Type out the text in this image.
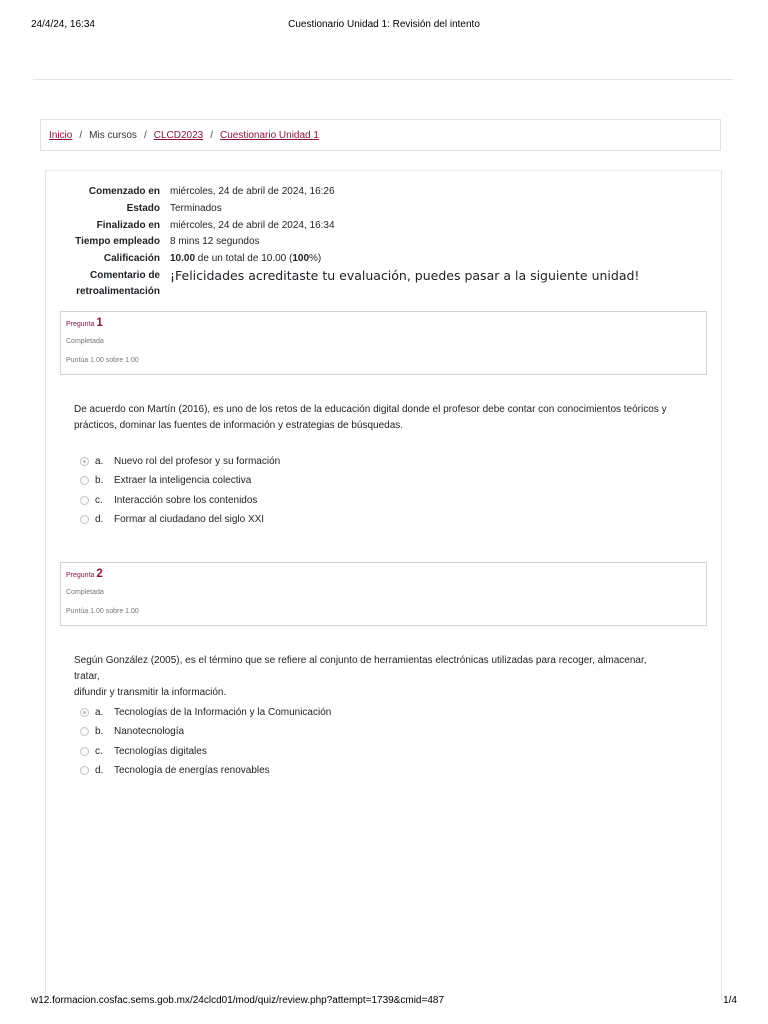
24/4/24, 16:34	Cuestionario Unidad 1: Revisión del intento
Inicio / Mis cursos / CLCD2023 / Cuestionario Unidad 1
Comenzado en miércoles, 24 de abril de 2024, 16:26
Estado Terminados
Finalizado en miércoles, 24 de abril de 2024, 16:34
Tiempo empleado 8 mins 12 segundos
Calificación 10.00 de un total de 10.00 (100%)
Comentario de ¡Felicidades acreditaste tu evaluación, puedes pasar a la siguiente unidad!
retroalimentación
Pregunta 1
Completada
Puntúa 1.00 sobre 1.00
De acuerdo con Martín (2016), es uno de los retos de la educación digital donde el profesor debe contar con conocimientos teóricos y
prácticos, dominar las fuentes de información y estrategias de búsquedas.
a.	Nuevo rol del profesor y su formación
b.	Extraer la inteligencia colectiva
c.	Interacción sobre los contenidos
d.	Formar al ciudadano del siglo XXI
Pregunta 2
Completada
Puntúa 1.00 sobre 1.00
Según González (2005), es el término que se refiere al conjunto de herramientas electrónicas utilizadas para recoger, almacenar, tratar,
difundir y transmitir la información.
a.	Tecnologías de la Información y la Comunicación
b.	Nanotecnología
c.	Tecnologías digitales
d.	Tecnología de energías renovables
w12.formacion.cosfac.sems.gob.mx/24clcd01/mod/quiz/review.php?attempt=1739&cmid=487	1/4
